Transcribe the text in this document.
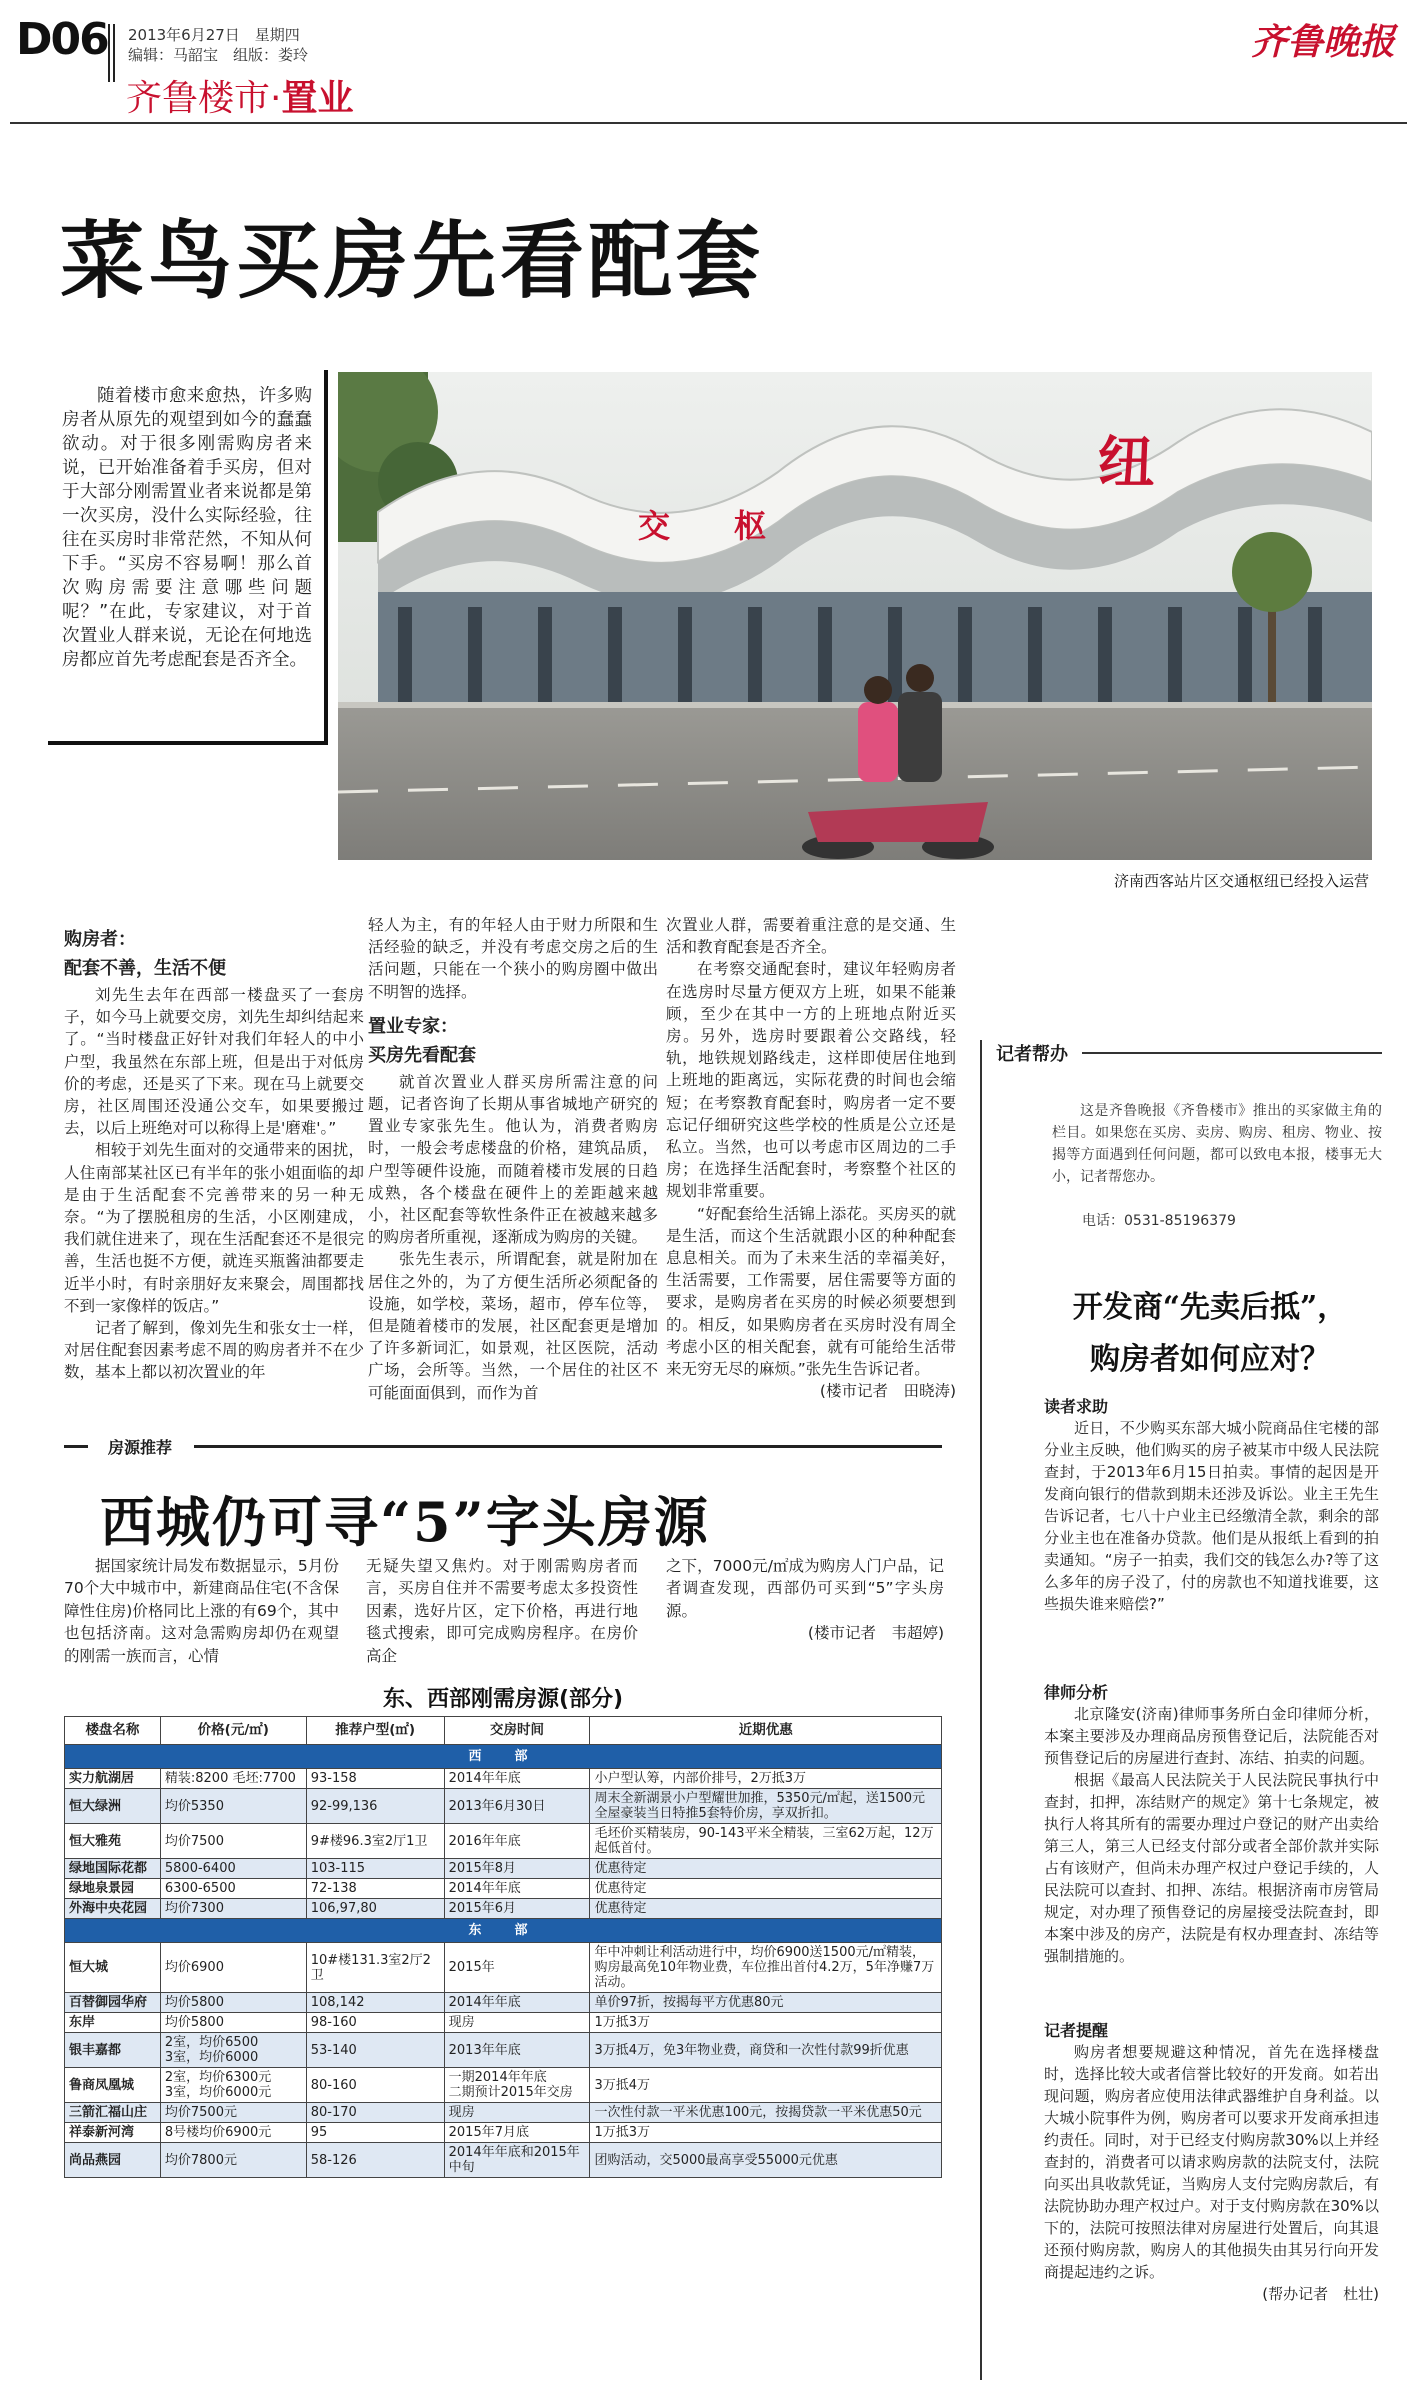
D06 2013年6月27日　星期四
编辑：马韶宝　组版：娄玲
齐鲁楼市·置业
齐鲁晚报
菜鸟买房先看配套

随着楼市愈来愈热，许多购房者从原先的观望到如今的蠢蠢欲动。对于很多刚需购房者来说，已开始准备着手买房，但对于大部分刚需置业者来说都是第一次买房，没什么实际经验，往往在买房时非常茫然，不知从何下手。“买房不容易啊！那么首次购房需要注意哪些问题呢？”在此，专家建议，对于首次置业人群来说，无论在何地选房都应首先考虑配套是否齐全。

纽
交　　枢
济南西客站片区交通枢纽已经投入运营
购房者：
配套不善，生活不便

刘先生去年在西部一楼盘买了一套房子，如今马上就要交房，刘先生却纠结起来了。“当时楼盘正好针对我们年轻人的中小户型，我虽然在东部上班，但是出于对低房价的考虑，还是买了下来。现在马上就要交房，社区周围还没通公交车，如果要搬过去，以后上班绝对可以称得上是'磨难'。”

相较于刘先生面对的交通带来的困扰，人住南部某社区已有半年的张小姐面临的却是由于生活配套不完善带来的另一种无奈。“为了摆脱租房的生活，小区刚建成，我们就住进来了，现在生活配套还不是很完善，生活也挺不方便，就连买瓶酱油都要走近半小时，有时亲朋好友来聚会，周围都找不到一家像样的饭店。”

记者了解到，像刘先生和张女士一样，对居住配套因素考虑不周的购房者并不在少数，基本上都以初次置业的年

轻人为主，有的年轻人由于财力所限和生活经验的缺乏，并没有考虑交房之后的生活问题，只能在一个狭小的购房圈中做出不明智的选择。

置业专家：
买房先看配套

就首次置业人群买房所需注意的问题，记者咨询了长期从事省城地产研究的置业专家张先生。他认为，消费者购房时，一般会考虑楼盘的价格，建筑品质，户型等硬件设施，而随着楼市发展的日趋成熟，各个楼盘在硬件上的差距越来越小，社区配套等软性条件正在被越来越多的购房者所重视，逐渐成为购房的关键。

张先生表示，所谓配套，就是附加在居住之外的，为了方便生活所必须配备的设施，如学校，菜场，超市，停车位等，但是随着楼市的发展，社区配套更是增加了许多新词汇，如景观，社区医院，活动广场，会所等。当然，一个居住的社区不可能面面俱到，而作为首

次置业人群，需要着重注意的是交通、生活和教育配套是否齐全。

在考察交通配套时，建议年轻购房者在选房时尽量方便双方上班，如果不能兼顾，至少在其中一方的上班地点附近买房。另外，选房时要跟着公交路线，轻轨，地铁规划路线走，这样即使居住地到上班地的距离远，实际花费的时间也会缩短；在考察教育配套时，购房者一定不要忘记仔细研究这些学校的性质是公立还是私立。当然，也可以考虑市区周边的二手房；在选择生活配套时，考察整个社区的规划非常重要。

“好配套给生活锦上添花。买房买的就是生活，而这个生活就跟小区的种种配套息息相关。而为了未来生活的幸福美好，生活需要，工作需要，居住需要等方面的要求，是购房者在买房的时候必须要想到的。相反，如果购房者在买房时没有周全考虑小区的相关配套，就有可能给生活带来无穷无尽的麻烦。”张先生告诉记者。

(楼市记者　田晓涛)

记者帮办
这是齐鲁晚报《齐鲁楼市》推出的买家做主角的栏目。如果您在买房、卖房、购房、租房、物业、按揭等方面遇到任何问题，都可以致电本报，楼事无大小，记者帮您办。
电话：0531-85196379
开发商“先卖后抵”，
购房者如何应对？
读者求助

近日，不少购买东部大城小院商品住宅楼的部分业主反映，他们购买的房子被某市中级人民法院查封，于2013年6月15日拍卖。事情的起因是开发商向银行的借款到期未还涉及诉讼。业主王先生告诉记者，七八十户业主已经缴清全款，剩余的部分业主也在准备办贷款。他们是从报纸上看到的拍卖通知。“房子一拍卖，我们交的钱怎么办?等了这么多年的房子没了，付的房款也不知道找谁要，这些损失谁来赔偿?”

律师分析

北京隆安(济南)律师事务所白金印律师分析，本案主要涉及办理商品房预售登记后，法院能否对预售登记后的房屋进行查封、冻结、拍卖的问题。

根据《最高人民法院关于人民法院民事执行中查封，扣押，冻结财产的规定》第十七条规定，被执行人将其所有的需要办理过户登记的财产出卖给第三人，第三人已经支付部分或者全部价款并实际占有该财产，但尚未办理产权过户登记手续的，人民法院可以查封、扣押、冻结。根据济南市房管局规定，对办理了预售登记的房屋接受法院查封，即本案中涉及的房产，法院是有权办理查封、冻结等强制措施的。

记者提醒

购房者想要规避这种情况，首先在选择楼盘时，选择比较大或者信誉比较好的开发商。如若出现问题，购房者应使用法律武器维护自身利益。以大城小院事件为例，购房者可以要求开发商承担违约责任。同时，对于已经支付购房款30%以上并经查封的，消费者可以请求购房款的法院支付，法院向买出具收款凭证，当购房人支付完购房款后，有法院协助办理产权过户。对于支付购房款在30%以下的，法院可按照法律对房屋进行处置后，向其退还预付购房款，购房人的其他损失由其另行向开发商提起违约之诉。

(帮办记者　杜壮)

房源推荐
西城仍可寻“5”字头房源

据国家统计局发布数据显示，5月份70个大中城市中，新建商品住宅(不含保障性住房)价格同比上涨的有69个，其中也包括济南。这对急需购房却仍在观望的刚需一族而言，心情

无疑失望又焦灼。对于刚需购房者而言，买房自住并不需要考虑太多投资性因素，选好片区，定下价格，再进行地毯式搜索，即可完成购房程序。在房价高企

之下，7000元/㎡成为购房人门户品，记者调查发现，西部仍可买到“5”字头房源。

(楼市记者　韦超婷)

东、西部刚需房源(部分)
楼盘名称	价格(元/㎡)	推荐户型(㎡)	交房时间	近期优惠
西　部				
实力航湖居	精装:8200 毛坯:7700	93-158	2014年年底	小户型认筹，内部价排号，2万抵3万
恒大绿洲	均价5350	92-99,136	2013年6月30日	周末全新湖景小户型耀世加推，5350元/㎡起，送1500元全屋豪装当日特推5套特价房，享双折扣。
恒大雅苑	均价7500	9#楼96.3室2厅1卫	2016年年底	毛坯价买精装房，90-143平米全精装，三室62万起，12万起低首付。
绿地国际花都	5800-6400	103-115	2015年8月	优惠待定
绿地泉景园	6300-6500	72-138	2014年年底	优惠待定
外海中央花园	均价7300	106,97,80	2015年6月	优惠待定
东　部				
恒大城	均价6900	10#楼131.3室2厅2卫	2015年	年中冲刺让利活动进行中，均价6900送1500元/㎡精装，购房最高免10年物业费，车位推出首付4.2万，5年净赚7万活动。
百替御园华府	均价5800	108,142	2014年年底	单价97折，按揭每平方优惠80元
东岸	均价5800	98-160	现房	1万抵3万
银丰嘉都	2室，均价6500
3室，均价6000	53-140	2013年年底	3万抵4万，免3年物业费，商贷和一次性付款99折优惠
鲁商凤凰城	2室，均价6300元
3室，均价6000元	80-160	一期2014年年底
二期预计2015年交房	3万抵4万
三箭汇福山庄	均价7500元	80-170	现房	一次性付款一平米优惠100元，按揭贷款一平米优惠50元
祥泰新河湾	8号楼均价6900元	95	2015年7月底	1万抵3万
尚品燕园	均价7800元	58-126	2014年年底和2015年中旬	团购活动，交5000最高享受55000元优惠
